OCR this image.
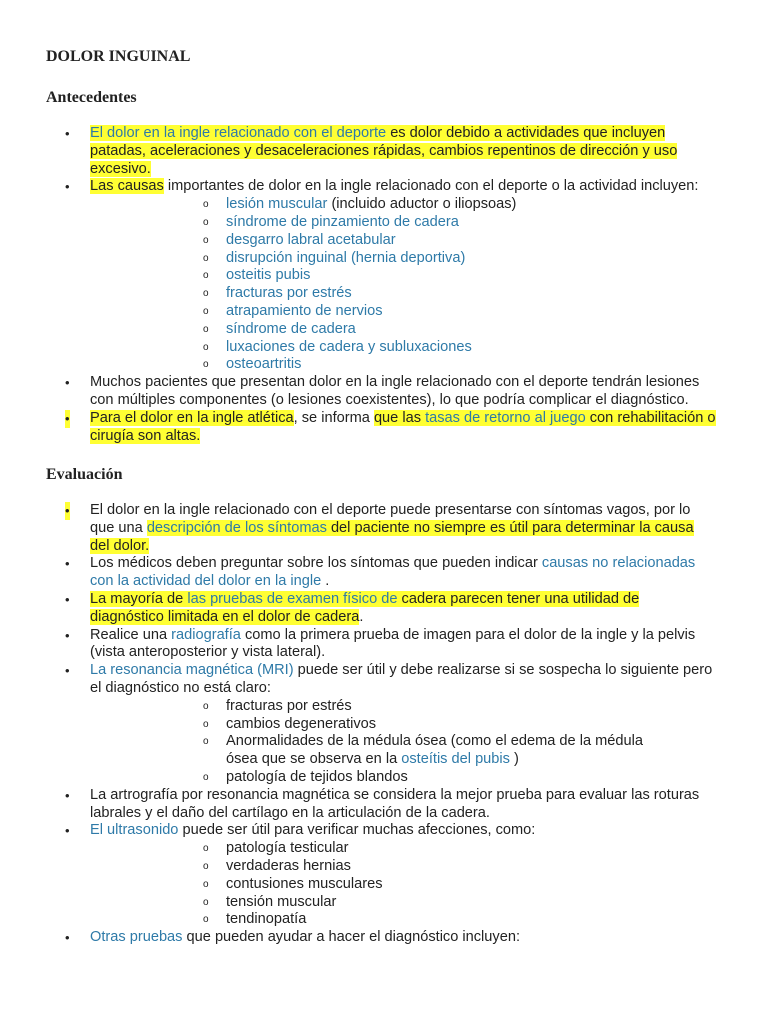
DOLOR INGUINAL
Antecedentes
• El dolor en la ingle relacionado con el deporte es dolor debido a actividades que incluyen patadas, aceleraciones y desaceleraciones rápidas, cambios repentinos de dirección y uso excesivo.
• Las causas importantes de dolor en la ingle relacionado con el deporte o la actividad incluyen:
o lesión muscular (incluido aductor o iliopsoas)
o síndrome de pinzamiento de cadera
o desgarro labral acetabular
o disrupción inguinal (hernia deportiva)
o osteitis pubis
o fracturas por estrés
o atrapamiento de nervios
o síndrome de cadera
o luxaciones de cadera y subluxaciones
o osteoartritis
• Muchos pacientes que presentan dolor en la ingle relacionado con el deporte tendrán lesiones con múltiples componentes (o lesiones coexistentes), lo que podría complicar el diagnóstico.
• Para el dolor en la ingle atlética, se informa que las tasas de retorno al juego con rehabilitación o cirugía son altas.
Evaluación
• El dolor en la ingle relacionado con el deporte puede presentarse con síntomas vagos, por lo que una descripción de los síntomas del paciente no siempre es útil para determinar la causa del dolor.
• Los médicos deben preguntar sobre los síntomas que pueden indicar causas no relacionadas con la actividad del dolor en la ingle .
• La mayoría de las pruebas de examen físico de cadera parecen tener una utilidad de diagnóstico limitada en el dolor de cadera.
• Realice una radiografía como la primera prueba de imagen para el dolor de la ingle y la pelvis (vista anteroposterior y vista lateral).
• La resonancia magnética (MRI) puede ser útil y debe realizarse si se sospecha lo siguiente pero el diagnóstico no está claro:
o fracturas por estrés
o cambios degenerativos
o Anormalidades de la médula ósea (como el edema de la médula ósea que se observa en la osteítis del pubis )
o patología de tejidos blandos
• La artrografía por resonancia magnética se considera la mejor prueba para evaluar las roturas labrales y el daño del cartílago en la articulación de la cadera.
• El ultrasonido puede ser útil para verificar muchas afecciones, como:
o patología testicular
o verdaderas hernias
o contusiones musculares
o tensión muscular
o tendinopatía
• Otras pruebas que pueden ayudar a hacer el diagnóstico incluyen:
